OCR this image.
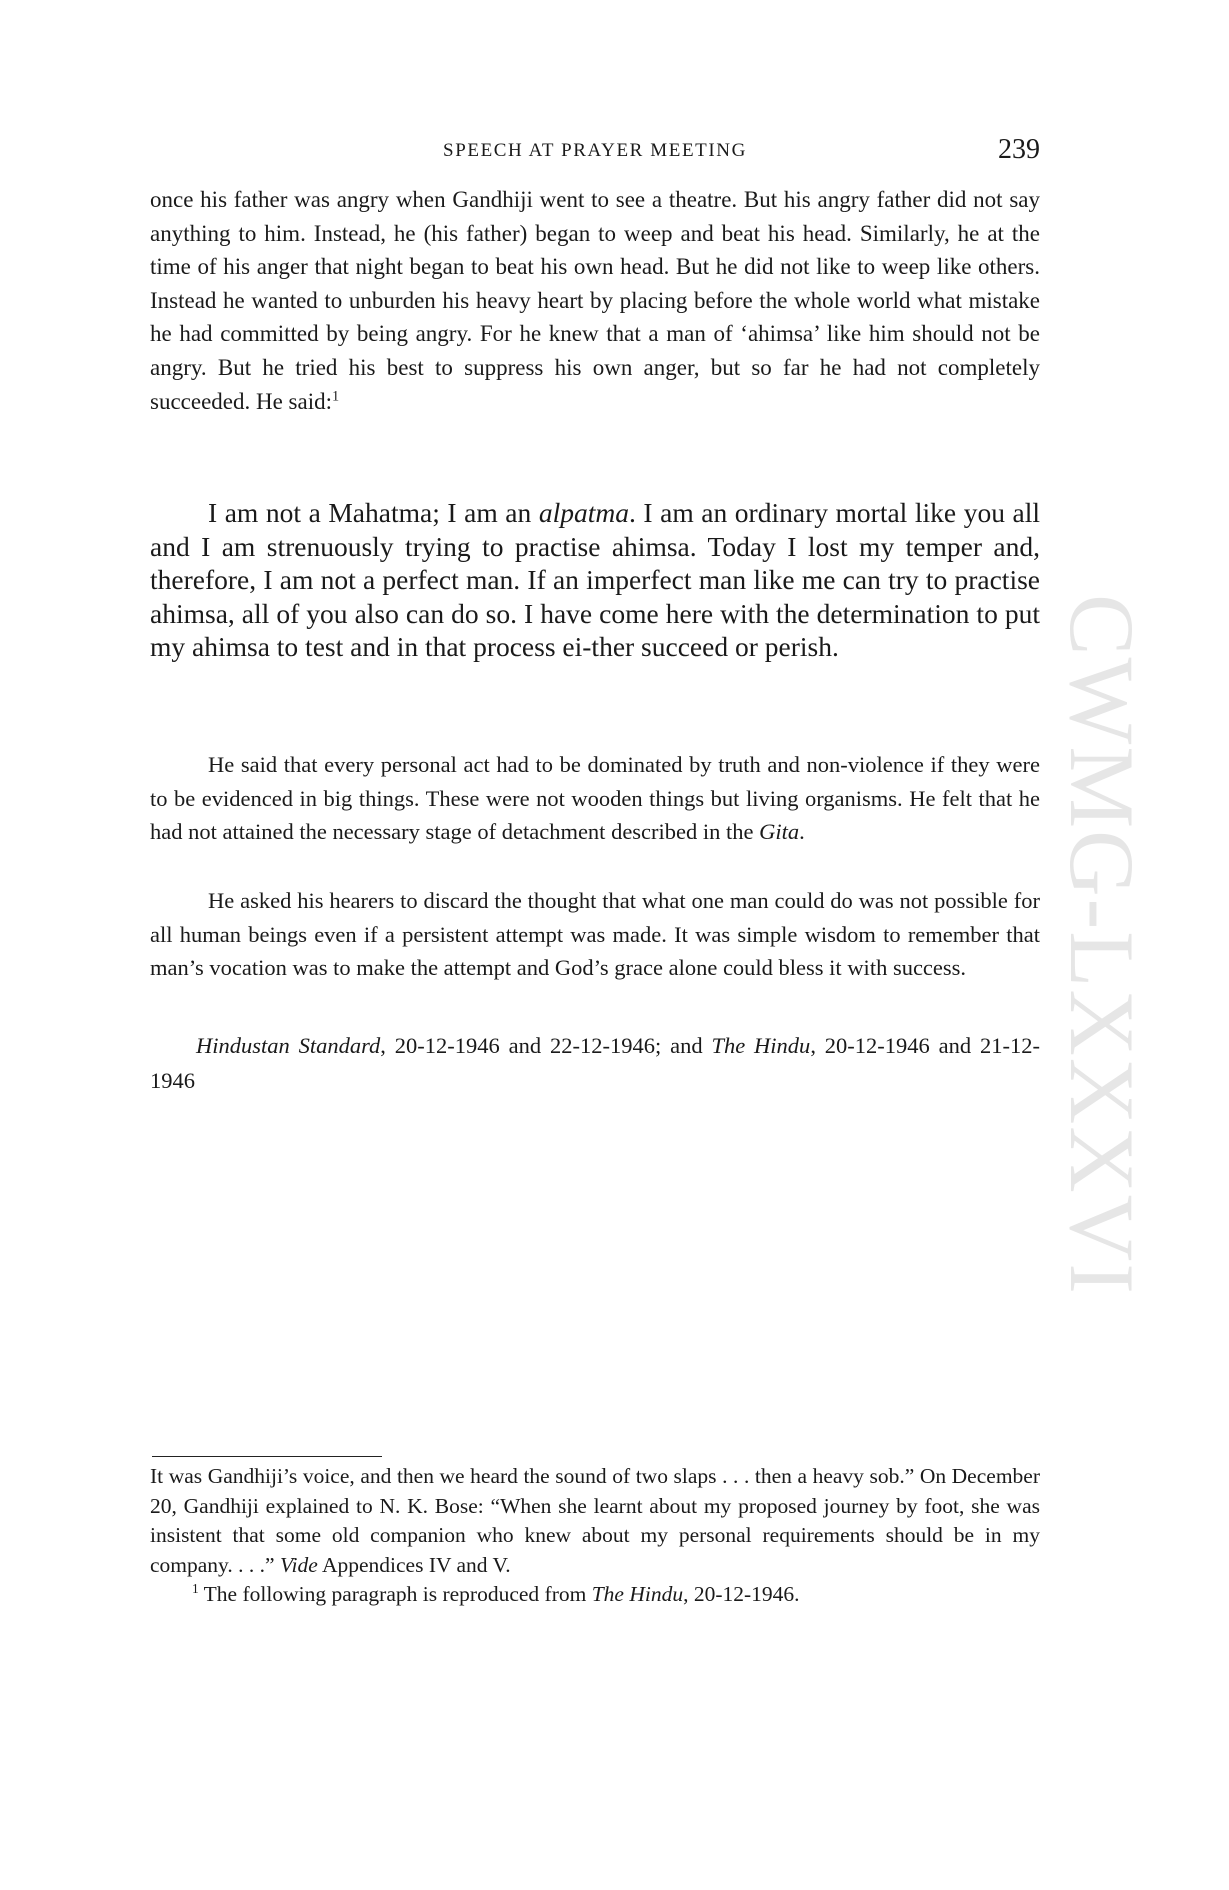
CWMG-LXXXVI
SPEECH AT PRAYER MEETING	239

once his father was angry when Gandhiji went to see a theatre. But his angry father did not say anything to him. Instead, he (his father) began to weep and beat his head. Similarly, he at the time of his anger that night began to beat his own head. But he did not like to weep like others. Instead he wanted to unburden his heavy heart by placing before the whole world what mistake he had committed by being angry. For he knew that a man of ‘ahimsa’ like him should not be angry. But he tried his best to suppress his own anger, but so far he had not completely succeeded. He said:$^1$

I am not a Mahatma; I am an alpatma. I am an ordinary mortal like you all and I am strenuously trying to practise ahimsa. Today I lost my temper and, therefore, I am not a perfect man. If an imperfect man like me can try to practise ahimsa, all of you also can do so. I have come here with the determination to put my ahimsa to test and in that process ei-ther succeed or perish.

He said that every personal act had to be dominated by truth and non-violence if they were to be evidenced in big things. These were not wooden things but living organisms. He felt that he had not attained the necessary stage of detachment described in the Gita.

He asked his hearers to discard the thought that what one man could do was not possible for all human beings even if a persistent attempt was made. It was simple wisdom to remember that man’s vocation was to make the attempt and God’s grace alone could bless it with success.

Hindustan Standard, 20-12-1946 and 22-12-1946; and The Hindu, 20-12-1946 and 21-12-1946

It was Gandhiji’s voice, and then we heard the sound of two slaps . . . then a heavy sob.” On December 20, Gandhiji explained to N. K. Bose: “When she learnt about my proposed journey by foot, she was insistent that some old companion who knew about my personal requirements should be in my company. . . .” Vide Appendices IV and V.

$^1$ The following paragraph is reproduced from The Hindu, 20-12-1946.
